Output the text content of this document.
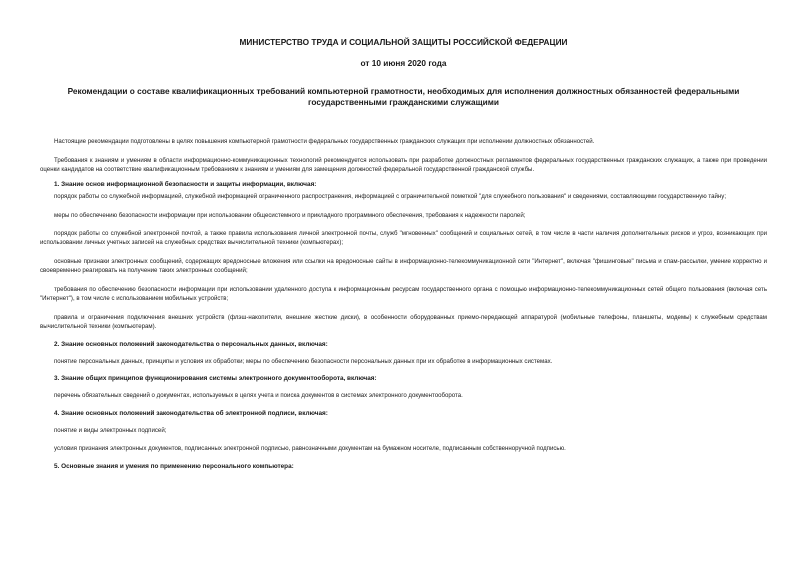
МИНИСТЕРСТВО ТРУДА И СОЦИАЛЬНОЙ ЗАЩИТЫ РОССИЙСКОЙ ФЕДЕРАЦИИ
от 10 июня 2020 года
Рекомендации о составе квалификационных требований компьютерной грамотности, необходимых для исполнения должностных обязанностей федеральными государственными гражданскими служащими

Настоящие рекомендации подготовлены в целях повышения компьютерной грамотности федеральных государственных гражданских служащих при исполнении должностных обязанностей.

Требования к знаниям и умениям в области информационно-коммуникационных технологий рекомендуется использовать при разработке должностных регламентов федеральных государственных гражданских служащих, а также при проведении оценки кандидатов на соответствие квалификационным требованиям к знаниям и умениям для замещения должностей федеральной государственной гражданской службы.

1. Знание основ информационной безопасности и защиты информации, включая:

порядок работы со служебной информацией, служебной информацией ограниченного распространения, информацией с ограничительной пометкой "для служебного пользования" и сведениями, составляющими государственную тайну;

меры по обеспечению безопасности информации при использовании общесистемного и прикладного программного обеспечения, требования к надежности паролей;

порядок работы со служебной электронной почтой, а также правила использования личной электронной почты, служб "мгновенных" сообщений и социальных сетей, в том числе в части наличия дополнительных рисков и угроз, возникающих при использовании личных учетных записей на служебных средствах вычислительной техники (компьютерах);

основные признаки электронных сообщений, содержащих вредоносные вложения или ссылки на вредоносные сайты в информационно-телекоммуникационной сети "Интернет", включая "фишинговые" письма и спам-рассылки, умение корректно и своевременно реагировать на получение таких электронных сообщений;

требования по обеспечению безопасности информации при использовании удаленного доступа к информационным ресурсам государственного органа с помощью информационно-телекоммуникационных сетей общего пользования (включая сеть "Интернет"), в том числе с использованием мобильных устройств;

правила и ограничения подключения внешних устройств (флэш-накопители, внешние жесткие диски), в особенности оборудованных приемо-передающей аппаратурой (мобильные телефоны, планшеты, модемы) к служебным средствам вычислительной техники (компьютерам).

2. Знание основных положений законодательства о персональных данных, включая:

понятие персональных данных, принципы и условия их обработки; меры по обеспечению безопасности персональных данных при их обработке в информационных системах.

3. Знание общих принципов функционирования системы электронного документооборота, включая:

перечень обязательных сведений о документах, используемых в целях учета и поиска документов в системах электронного документооборота.

4. Знание основных положений законодательства об электронной подписи, включая:

понятие и виды электронных подписей;

условия признания электронных документов, подписанных электронной подписью, равнозначными документам на бумажном носителе, подписанным собственноручной подписью.

5. Основные знания и умения по применению персонального компьютера:
